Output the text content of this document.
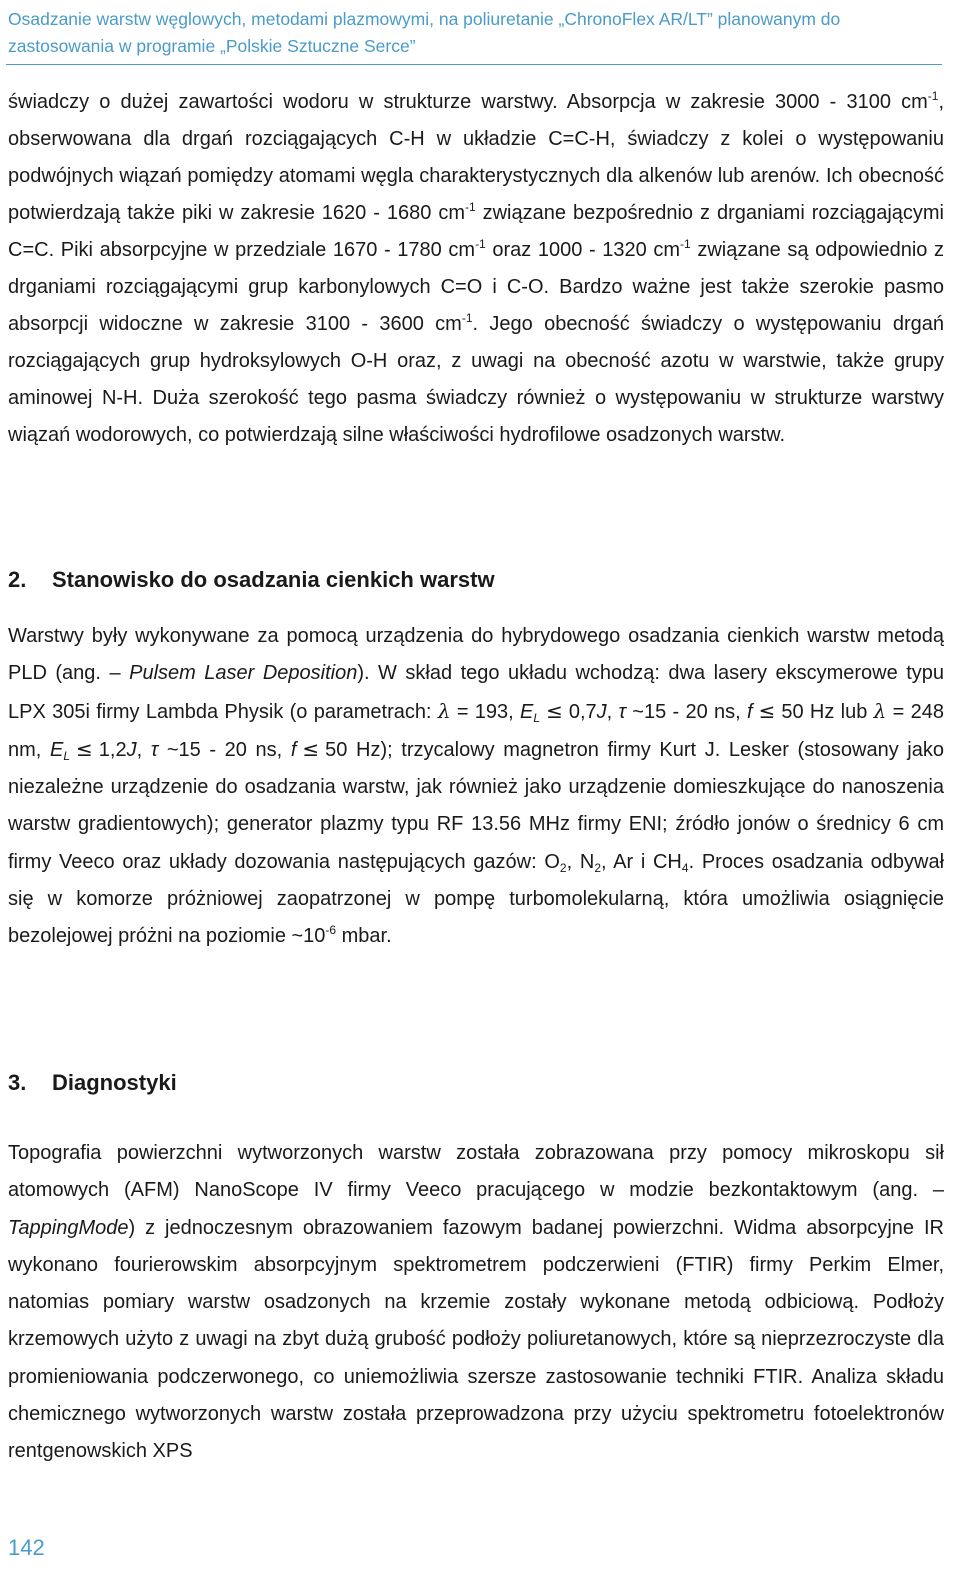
Osadzanie warstw węglowych, metodami plazmowymi, na poliuretanie „ChronoFlex AR/LT” planowanym do zastosowania w programie „Polskie Sztuczne Serce”
świadczy o dużej zawartości wodoru w strukturze warstwy. Absorpcja w zakresie 3000 - 3100 $cm^{-1}$, obserwowana dla drgań rozciągających C-H w układzie C=C-H, świadczy z kolei o występowaniu podwójnych wiązań pomiędzy atomami węgla charakterystycznych dla alkenów lub arenów. Ich obecność potwierdzają także piki w zakresie 1620 - 1680 $cm^{-1}$ związane bezpośrednio z drganiami rozciągającymi C=C. Piki absorpcyjne w przedziale 1670 - 1780 $cm^{-1}$ oraz 1000 - 1320 $cm^{-1}$ związane są odpowiednio z drganiami rozciągającymi grup karbonylowych C=O i C-O. Bardzo ważne jest także szerokie pasmo absorpcji widoczne w zakresie 3100 - 3600 $cm^{-1}$. Jego obecność świadczy o występowaniu drgań rozciągających grup hydroksylowych O-H oraz, z uwagi na obecność azotu w warstwie, także grupy aminowej N-H. Duża szerokość tego pasma świadczy również o występowaniu w strukturze warstwy wiązań wodorowych, co potwierdzają silne właściwości hydrofilowe osadzonych warstw.
2. Stanowisko do osadzania cienkich warstw
Warstwy były wykonywane za pomocą urządzenia do hybrydowego osadzania cienkich warstw metodą PLD (ang. – Pulsem Laser Deposition). W skład tego układu wchodzą: dwa lasery ekscymerowe typu LPX 305i firmy Lambda Physik (o parametrach: λ = 193, $E_L \le 0,7J$, τ ~15 - 20 ns, f ≤ 50 Hz lub λ = 248 nm, $E_L \le 1,2J$, τ ~15 - 20 ns, f ≤ 50 Hz); trzycalowy magnetron firmy Kurt J. Lesker (stosowany jako niezależne urządzenie do osadzania warstw, jak również jako urządzenie domieszkujące do nanoszenia warstw gradientowych); generator plazmy typu RF 13.56 MHz firmy ENI; źródło jonów o średnicy 6 cm firmy Veeco oraz układy dozowania następujących gazów: $O_2$, $N_2$, Ar i $CH_4$. Proces osadzania odbywał się w komorze próżniowej zaopatrzonej w pompę turbomolekularną, która umożliwia osiągnięcie bezolejowej próżni na poziomie $\sim 10^{-6}$ mbar.
3. Diagnostyki
Topografia powierzchni wytworzonych warstw została zobrazowana przy pomocy mikroskopu sił atomowych (AFM) NanoScope IV firmy Veeco pracującego w modzie bezkontaktowym (ang. – TappingMode) z jednoczesnym obrazowaniem fazowym badanej powierzchni. Widma absorpcyjne IR wykonano fourierowskim absorpcyjnym spektrometrem podczerwieni (FTIR) firmy Perkim Elmer, natomias pomiary warstw osadzonych na krzemie zostały wykonane metodą odbiciową. Podłoży krzemowych użyto z uwagi na zbyt dużą grubość podłoży poliuretanowych, które są nieprzezroczyste dla promieniowania podczerwonego, co uniemożliwia szersze zastosowanie techniki FTIR. Analiza składu chemicznego wytworzonych warstw została przeprowadzona przy użyciu spektrometru fotoelektronów rentgenowskich XPS
142
